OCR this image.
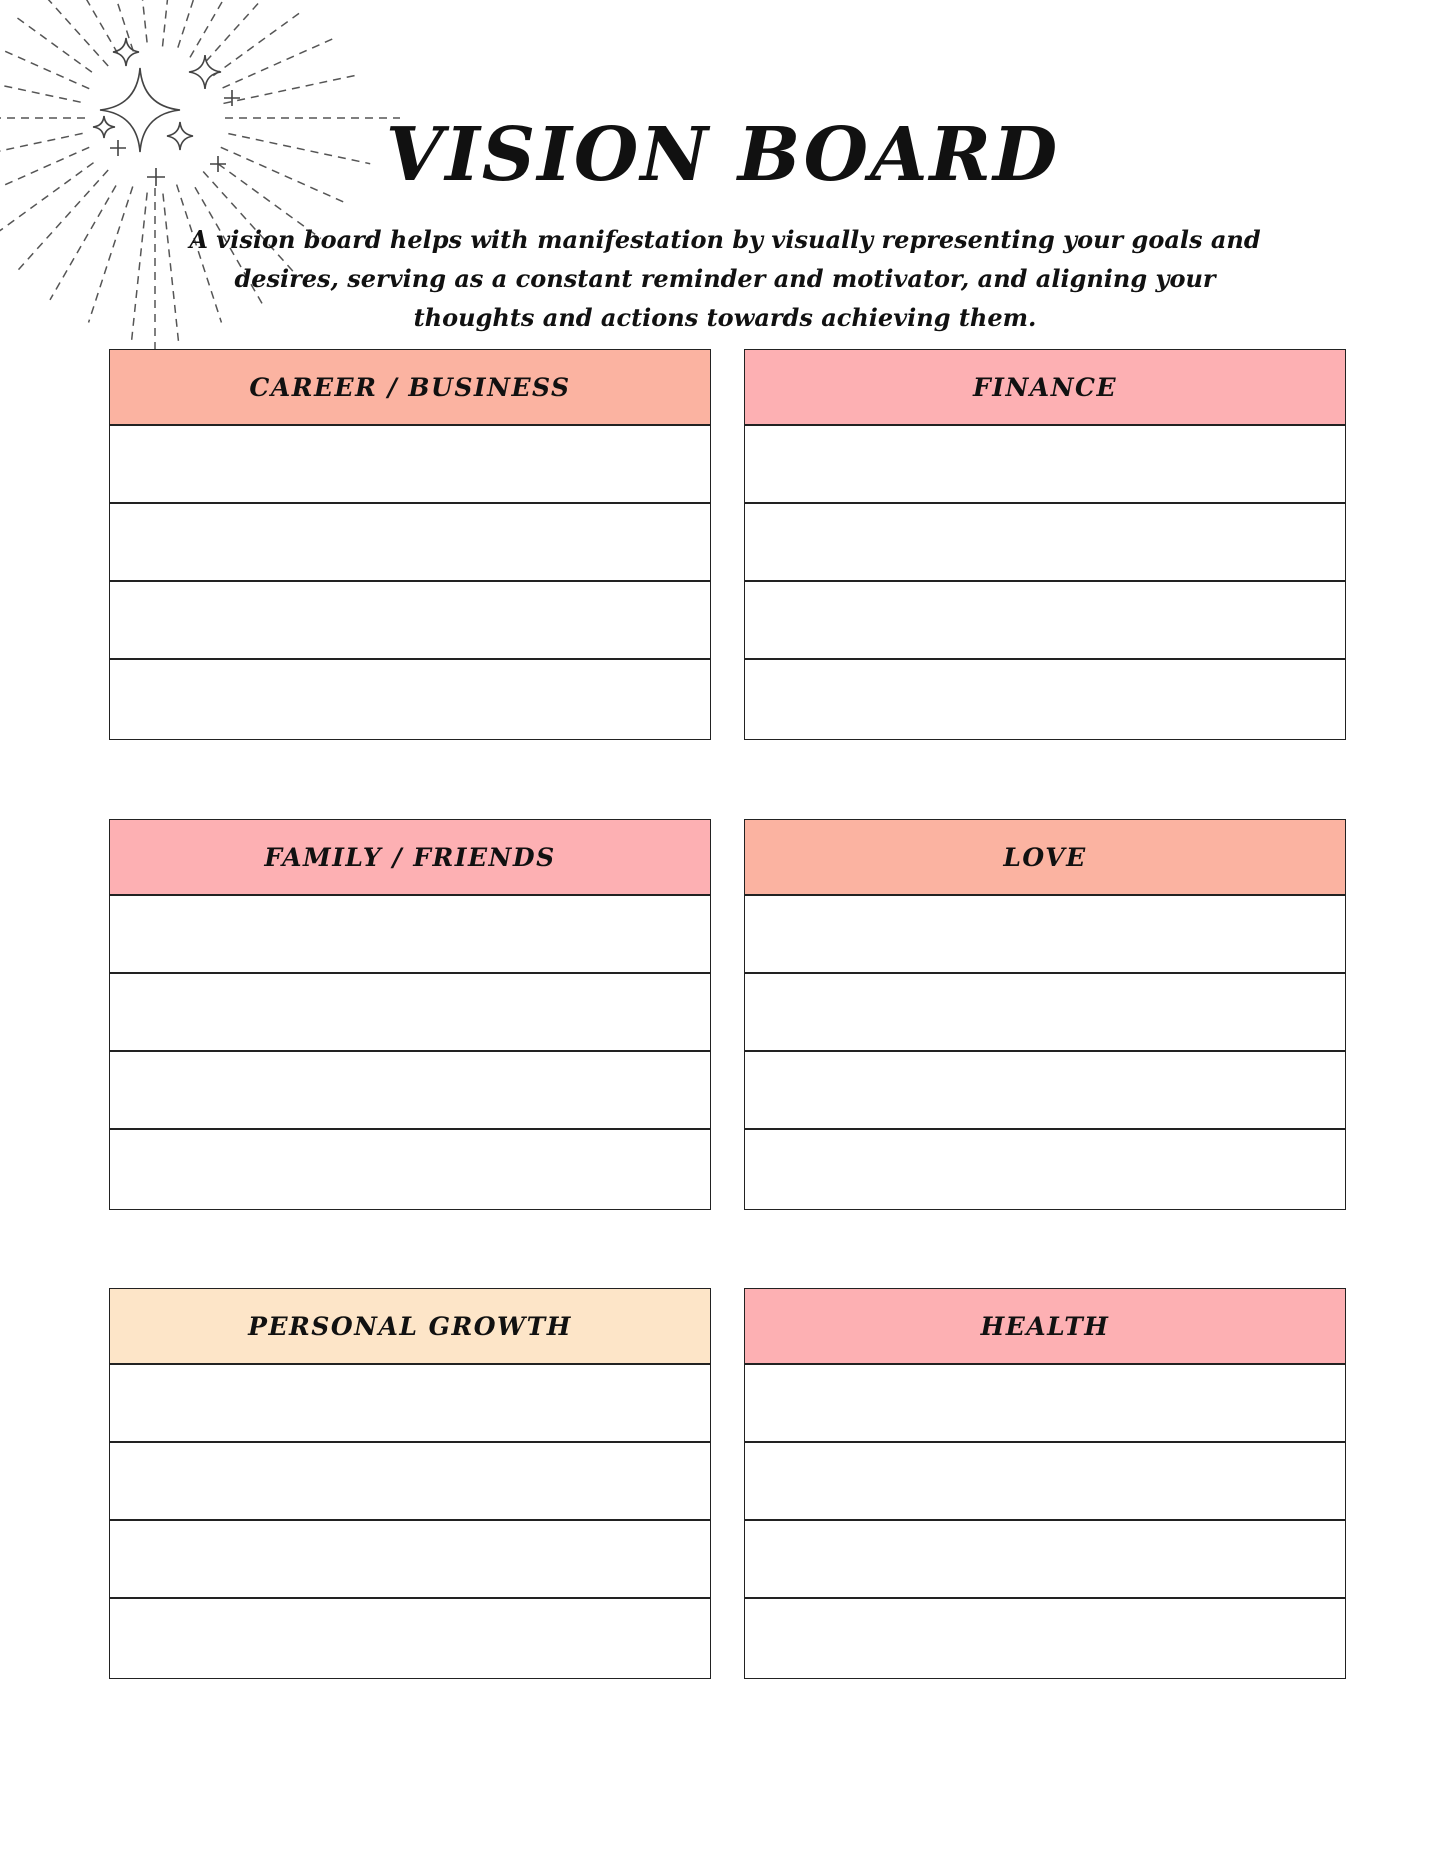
VISION BOARD

A vision board helps with manifestation by visually representing your goals and desires, serving as a constant reminder and motivator, and aligning your thoughts and actions towards achieving them.

CAREER / BUSINESS	FINANCE
FAMILY / FRIENDS	LOVE
PERSONAL GROWTH	HEALTH
